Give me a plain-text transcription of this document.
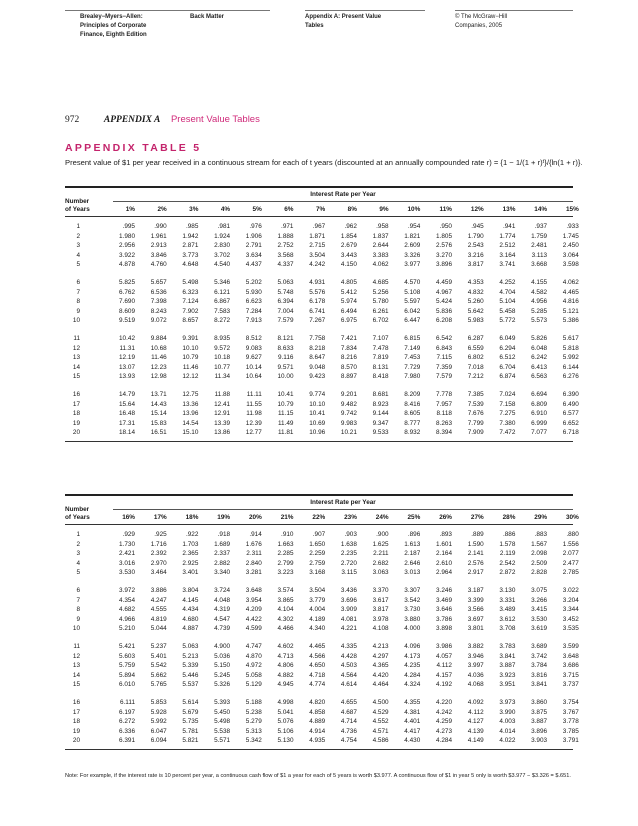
Brealey−Myers−Allen:
Principles of Corporate
Finance, Eighth Edition
Back Matter	Appendix A: Present Value
Tables
© The McGraw−Hill
Companies, 2005
972	APPENDIX A Present Value Tables
APPENDIX TABLE 5
Present value of $1 per year received in a continuous stream for each of t years (discounted at an annually compounded rate r) = {1 − 1/(1 + r)ᵗ}/{ln(1 + r)}.
Interest Rate per Year
Number
of Years	1%	2%	3%	4%	5%	6%	7%	8%	9%	10%	11%	12%	13%	14%	15%
1	.995	.990	.985	.981	.976	.971	.967	.962	.958	.954	.950	.945	.941	.937	.933
2	1.980	1.961	1.942	1.924	1.906	1.888	1.871	1.854	1.837	1.821	1.805	1.790	1.774	1.759	1.745
3	2.956	2.913	2.871	2.830	2.791	2.752	2.715	2.679	2.644	2.609	2.576	2.543	2.512	2.481	2.450
4	3.922	3.846	3.773	3.702	3.634	3.568	3.504	3.443	3.383	3.326	3.270	3.216	3.164	3.113	3.064
5	4.878	4.760	4.648	4.540	4.437	4.337	4.242	4.150	4.062	3.977	3.896	3.817	3.741	3.668	3.598
6	5.825	5.657	5.498	5.346	5.202	5.063	4.931	4.805	4.685	4.570	4.459	4.353	4.252	4.155	4.062
7	6.762	6.536	6.323	6.121	5.930	5.748	5.576	5.412	5.256	5.108	4.967	4.832	4.704	4.582	4.465
8	7.690	7.398	7.124	6.867	6.623	6.394	6.178	5.974	5.780	5.597	5.424	5.260	5.104	4.956	4.816
9	8.609	8.243	7.902	7.583	7.284	7.004	6.741	6.494	6.261	6.042	5.836	5.642	5.458	5.285	5.121
10	9.519	9.072	8.657	8.272	7.913	7.579	7.267	6.975	6.702	6.447	6.208	5.983	5.772	5.573	5.386
11	10.42	9.884	9.391	8.935	8.512	8.121	7.758	7.421	7.107	6.815	6.542	6.287	6.049	5.826	5.617
12	11.31	10.68	10.10	9.572	9.083	8.633	8.218	7.834	7.478	7.149	6.843	6.559	6.294	6.048	5.818
13	12.19	11.46	10.79	10.18	9.627	9.116	8.647	8.216	7.819	7.453	7.115	6.802	6.512	6.242	5.992
14	13.07	12.23	11.46	10.77	10.14	9.571	9.048	8.570	8.131	7.729	7.359	7.018	6.704	6.413	6.144
15	13.93	12.98	12.12	11.34	10.64	10.00	9.423	8.897	8.418	7.980	7.579	7.212	6.874	6.563	6.276
16	14.79	13.71	12.75	11.88	11.11	10.41	9.774	9.201	8.681	8.209	7.778	7.385	7.024	6.694	6.390
17	15.64	14.43	13.36	12.41	11.55	10.79	10.10	9.482	8.923	8.416	7.957	7.539	7.158	6.809	6.490
18	16.48	15.14	13.96	12.91	11.98	11.15	10.41	9.742	9.144	8.605	8.118	7.676	7.275	6.910	6.577
19	17.31	15.83	14.54	13.39	12.39	11.49	10.69	9.983	9.347	8.777	8.263	7.799	7.380	6.999	6.652
20	18.14	16.51	15.10	13.86	12.77	11.81	10.96	10.21	9.533	8.932	8.394	7.909	7.472	7.077	6.718
Interest Rate per Year
Number
of Years	16%	17%	18%	19%	20%	21%	22%	23%	24%	25%	26%	27%	28%	29%	30%
1	.929	.925	.922	.918	.914	.910	.907	.903	.900	.896	.893	.889	.886	.883	.880
2	1.730	1.716	1.703	1.689	1.676	1.663	1.650	1.638	1.625	1.613	1.601	1.590	1.578	1.567	1.556
3	2.421	2.392	2.365	2.337	2.311	2.285	2.259	2.235	2.211	2.187	2.164	2.141	2.119	2.098	2.077
4	3.016	2.970	2.925	2.882	2.840	2.799	2.759	2.720	2.682	2.646	2.610	2.576	2.542	2.509	2.477
5	3.530	3.464	3.401	3.340	3.281	3.223	3.168	3.115	3.063	3.013	2.964	2.917	2.872	2.828	2.785
6	3.972	3.886	3.804	3.724	3.648	3.574	3.504	3.436	3.370	3.307	3.246	3.187	3.130	3.075	3.022
7	4.354	4.247	4.145	4.048	3.954	3.865	3.779	3.696	3.617	3.542	3.469	3.399	3.331	3.266	3.204
8	4.682	4.555	4.434	4.319	4.209	4.104	4.004	3.909	3.817	3.730	3.646	3.566	3.489	3.415	3.344
9	4.966	4.819	4.680	4.547	4.422	4.302	4.189	4.081	3.978	3.880	3.786	3.697	3.612	3.530	3.452
10	5.210	5.044	4.887	4.739	4.599	4.466	4.340	4.221	4.108	4.000	3.898	3.801	3.708	3.619	3.535
11	5.421	5.237	5.063	4.900	4.747	4.602	4.465	4.335	4.213	4.096	3.986	3.882	3.783	3.689	3.599
12	5.603	5.401	5.213	5.036	4.870	4.713	4.566	4.428	4.297	4.173	4.057	3.946	3.841	3.742	3.648
13	5.759	5.542	5.339	5.150	4.972	4.806	4.650	4.503	4.365	4.235	4.112	3.997	3.887	3.784	3.686
14	5.894	5.662	5.446	5.245	5.058	4.882	4.718	4.564	4.420	4.284	4.157	4.036	3.923	3.816	3.715
15	6.010	5.765	5.537	5.326	5.129	4.945	4.774	4.614	4.464	4.324	4.192	4.068	3.951	3.841	3.737
16	6.111	5.853	5.614	5.393	5.188	4.998	4.820	4.655	4.500	4.355	4.220	4.092	3.973	3.860	3.754
17	6.197	5.928	5.679	5.450	5.238	5.041	4.858	4.687	4.529	4.381	4.242	4.112	3.990	3.875	3.767
18	6.272	5.992	5.735	5.498	5.279	5.076	4.889	4.714	4.552	4.401	4.259	4.127	4.003	3.887	3.778
19	6.336	6.047	5.781	5.538	5.313	5.106	4.914	4.736	4.571	4.417	4.273	4.139	4.014	3.896	3.785
20	6.391	6.094	5.821	5.571	5.342	5.130	4.935	4.754	4.586	4.430	4.284	4.149	4.022	3.903	3.791
Note: For example, if the interest rate is 10 percent per year, a continuous cash flow of $1 a year for each of 5 years is worth $3.977. A continuous flow of $1 in year 5 only is worth $3.977 − $3.326 = $.651.
